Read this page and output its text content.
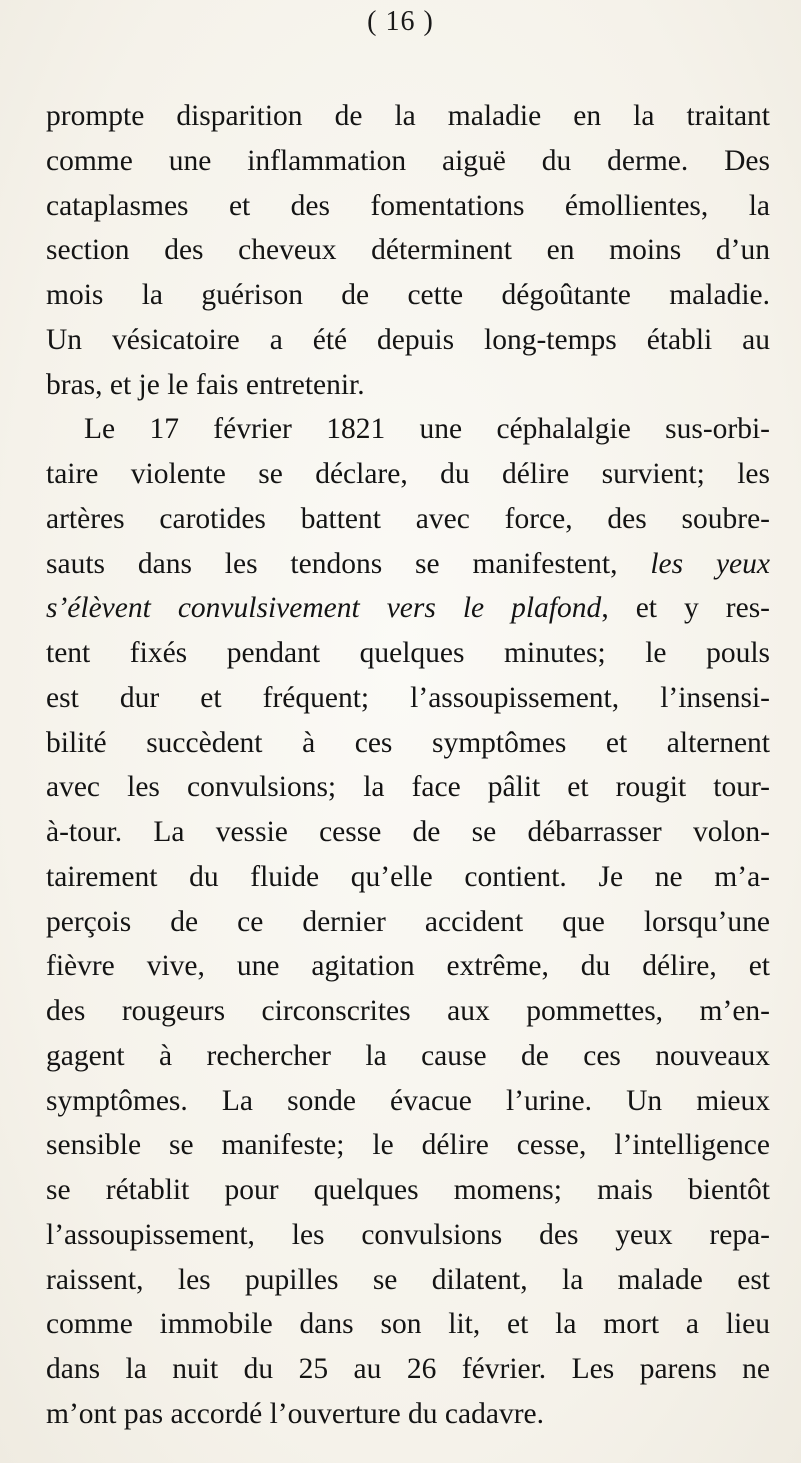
( 16 )
prompte disparition de la maladie en la traitant
comme une inflammation aiguë du derme. Des
cataplasmes et des fomentations émollientes, la
section des cheveux déterminent en moins d’un
mois la guérison de cette dégoûtante maladie.
Un vésicatoire a été depuis long-temps établi au
bras, et je le fais entretenir.
Le 17 février 1821 une céphalalgie sus-orbi-
taire violente se déclare, du délire survient; les
artères carotides battent avec force, des soubre-
sauts dans les tendons se manifestent, les yeux
s’élèvent convulsivement vers le plafond, et y res-
tent fixés pendant quelques minutes; le pouls
est dur et fréquent; l’assoupissement, l’insensi-
bilité succèdent à ces symptômes et alternent
avec les convulsions; la face pâlit et rougit tour-
à-tour. La vessie cesse de se débarrasser volon-
tairement du fluide qu’elle contient. Je ne m’a-
perçois de ce dernier accident que lorsqu’une
fièvre vive, une agitation extrême, du délire, et
des rougeurs circonscrites aux pommettes, m’en-
gagent à rechercher la cause de ces nouveaux
symptômes. La sonde évacue l’urine. Un mieux
sensible se manifeste; le délire cesse, l’intelligence
se rétablit pour quelques momens; mais bientôt
l’assoupissement, les convulsions des yeux repa-
raissent, les pupilles se dilatent, la malade est
comme immobile dans son lit, et la mort a lieu
dans la nuit du 25 au 26 février. Les parens ne
m’ont pas accordé l’ouverture du cadavre.
